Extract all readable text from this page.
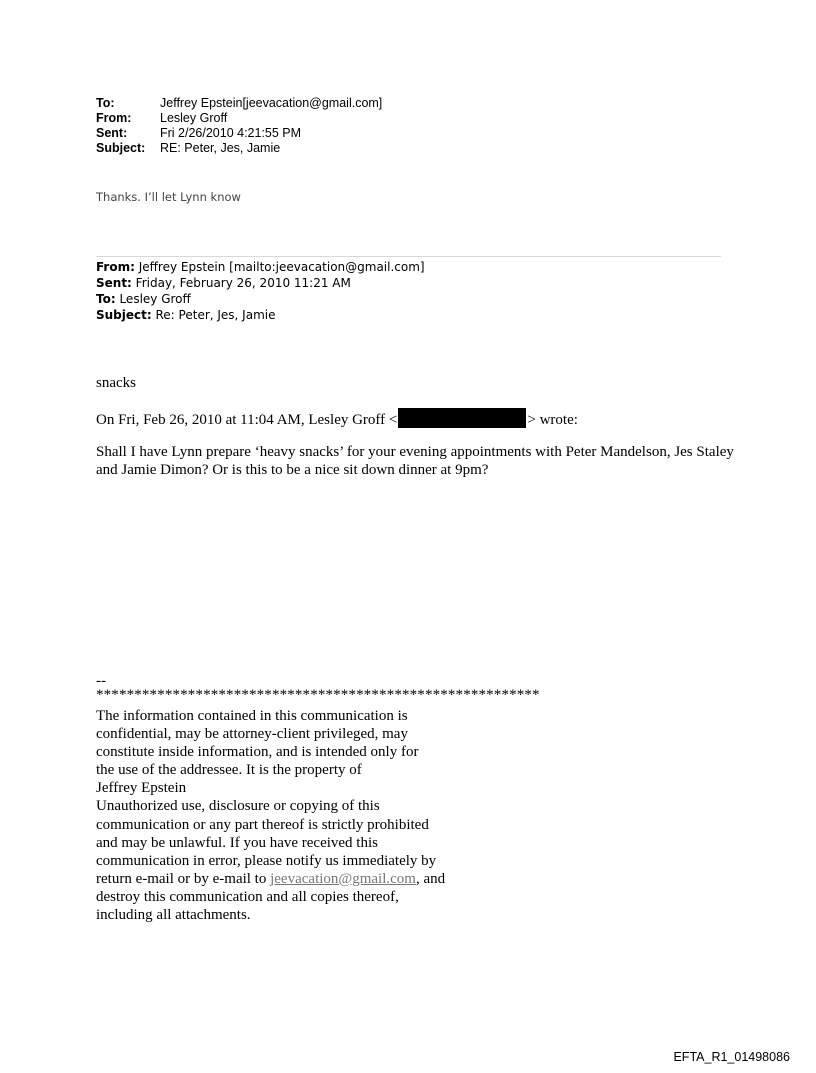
To:	Jeffrey Epstein[jeevacation@gmail.com]
From:	Lesley Groff
Sent:	Fri 2/26/2010 4:21:55 PM
Subject:	RE: Peter, Jes, Jamie
Thanks. I’ll let Lynn know
From: Jeffrey Epstein [mailto:jeevacation@gmail.com]
Sent: Friday, February 26, 2010 11:21 AM
To: Lesley Groff
Subject: Re: Peter, Jes, Jamie
snacks
On Fri, Feb 26, 2010 at 11:04 AM, Lesley Groff <	> wrote:
Shall I have Lynn prepare ‘heavy snacks’ for your evening appointments with Peter Mandelson, Jes Staley and Jamie Dimon? Or is this to be a nice sit down dinner at 9pm?
--
**********************************************************
The information contained in this communication is
confidential, may be attorney-client privileged, may
constitute inside information, and is intended only for
the use of the addressee. It is the property of
Jeffrey Epstein
Unauthorized use, disclosure or copying of this
communication or any part thereof is strictly prohibited
and may be unlawful. If you have received this
communication in error, please notify us immediately by
return e-mail or by e-mail to jeevacation@gmail.com, and
destroy this communication and all copies thereof,
including all attachments.
EFTA_R1_01498086
